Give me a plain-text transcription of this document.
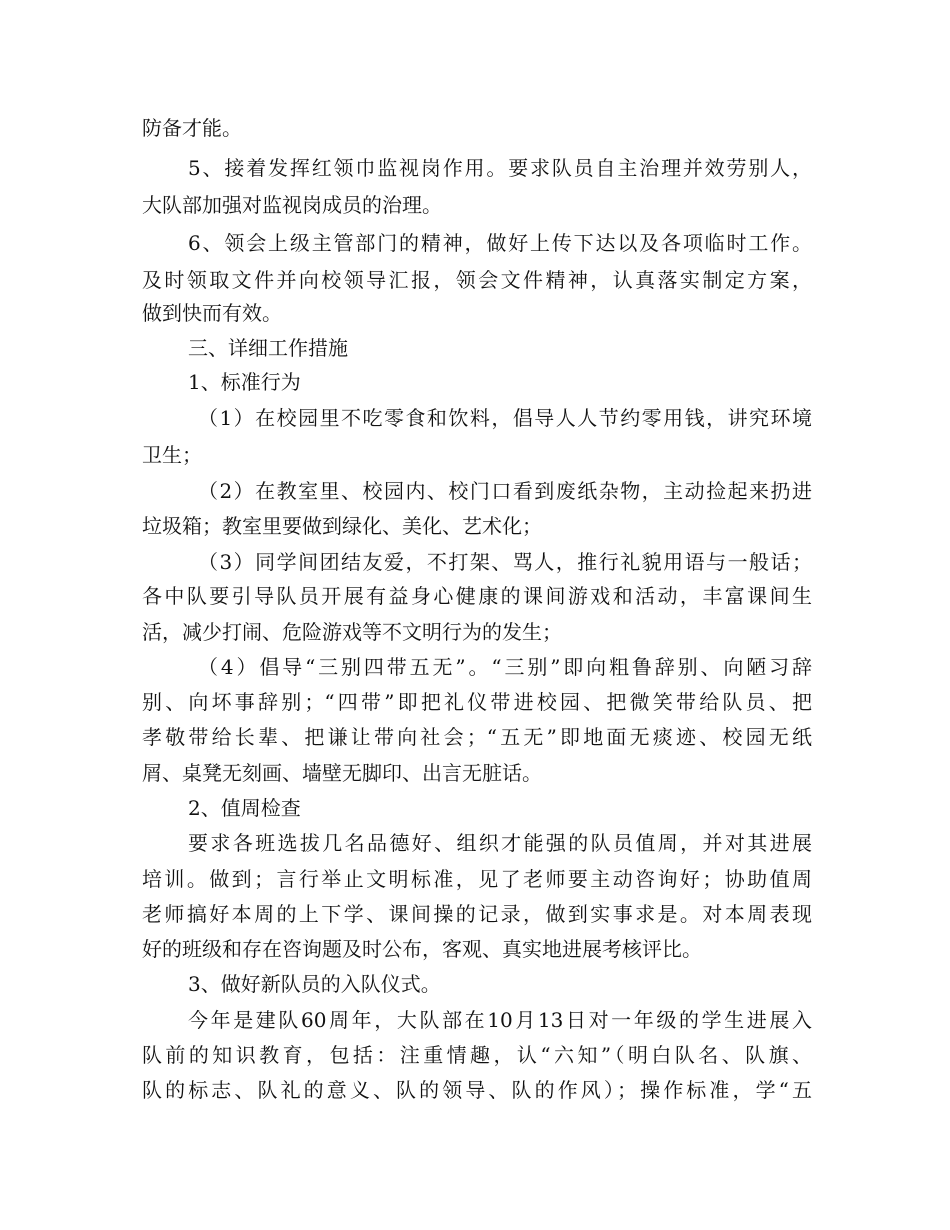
防备才能。
5、接着发挥红领巾监视岗作用。要求队员自主治理并效劳别人，
大队部加强对监视岗成员的治理。
6、领会上级主管部门的精神，做好上传下达以及各项临时工作。
及时领取文件并向校领导汇报，领会文件精神，认真落实制定方案，
做到快而有效。
三、详细工作措施
1、标准行为
（1）在校园里不吃零食和饮料，倡导人人节约零用钱，讲究环境
卫生；
（2）在教室里、校园内、校门口看到废纸杂物，主动捡起来扔进
垃圾箱；教室里要做到绿化、美化、艺术化；
（3）同学间团结友爱，不打架、骂人，推行礼貌用语与一般话；
各中队要引导队员开展有益身心健康的课间游戏和活动，丰富课间生
活，减少打闹、危险游戏等不文明行为的发生；
（4）倡导“三别四带五无”。“三别”即向粗鲁辞别、向陋习辞
别、向坏事辞别；“四带”即把礼仪带进校园、把微笑带给队员、把
孝敬带给长辈、把谦让带向社会；“五无”即地面无痰迹、校园无纸
屑、桌凳无刻画、墙壁无脚印、出言无脏话。
2、值周检查
要求各班选拔几名品德好、组织才能强的队员值周，并对其进展
培训。做到；言行举止文明标准，见了老师要主动咨询好；协助值周
老师搞好本周的上下学、课间操的记录，做到实事求是。对本周表现
好的班级和存在咨询题及时公布，客观、真实地进展考核评比。
3、做好新队员的入队仪式。
今年是建队60周年，大队部在10月13日对一年级的学生进展入
队前的知识教育，包括：注重情趣，认“六知”（明白队名、队旗、
队的标志、队礼的意义、队的领导、队的作风）；操作标准，学“五
